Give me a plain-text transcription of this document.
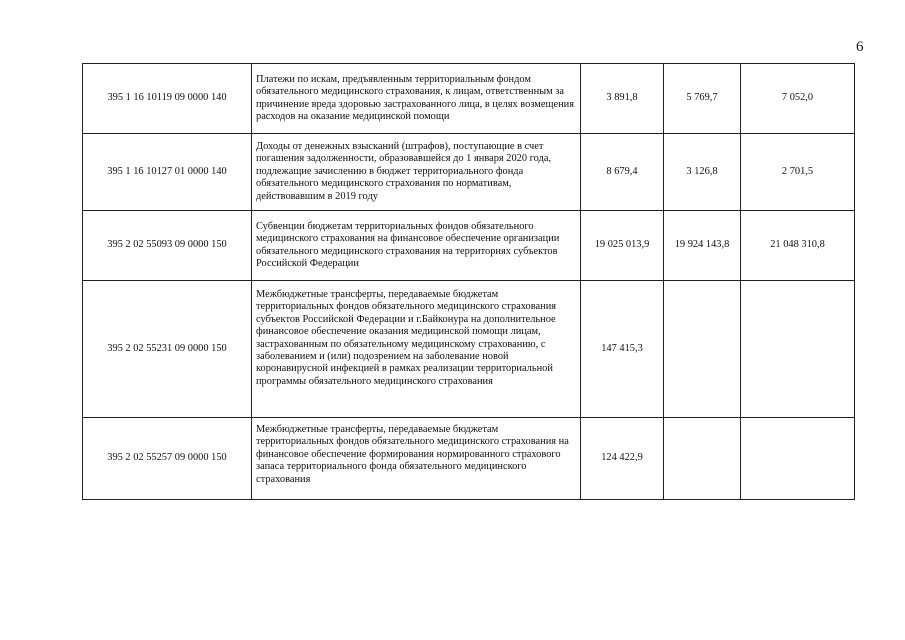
6
395 1 16 10119 09 0000 140	Платежи по искам, предъявленным территориальным фондом обязательного медицинского страхования, к лицам, ответственным за причинение вреда здоровью застрахованного лица, в целях возмещения расходов на оказание медицинской помощи	3 891,8	5 769,7	7 052,0
395 1 16 10127 01 0000 140	Доходы от денежных взысканий (штрафов), поступающие в счет погашения задолженности, образовавшейся до 1 января 2020 года, подлежащие зачислению в бюджет территориального фонда обязательного медицинского страхования по нормативам, действовавшим в 2019 году	8 679,4	3 126,8	2 701,5
395 2 02 55093 09 0000 150	Субвенции бюджетам территориальных фондов обязательного медицинского страхования на финансовое обеспечение организации обязательного медицинского страхования на территориях субъектов Российской Федерации	19 025 013,9	19 924 143,8	21 048 310,8
395 2 02 55231 09 0000 150	Межбюджетные трансферты, передаваемые бюджетам территориальных фондов обязательного медицинского страхования субъектов Российской Федерации и г.Байконура на дополнительное финансовое обеспечение оказания медицинской помощи лицам, застрахованным по обязательному медицинскому страхованию, с заболеванием и (или) подозрением на заболевание новой коронавирусной инфекцией в рамках реализации территориальной программы обязательного медицинского страхования	147 415,3		
395 2 02 55257 09 0000 150	Межбюджетные трансферты, передаваемые бюджетам территориальных фондов обязательного медицинского страхования на финансовое обеспечение формирования нормированного страхового запаса территориального фонда обязательного медицинского страхования	124 422,9		
